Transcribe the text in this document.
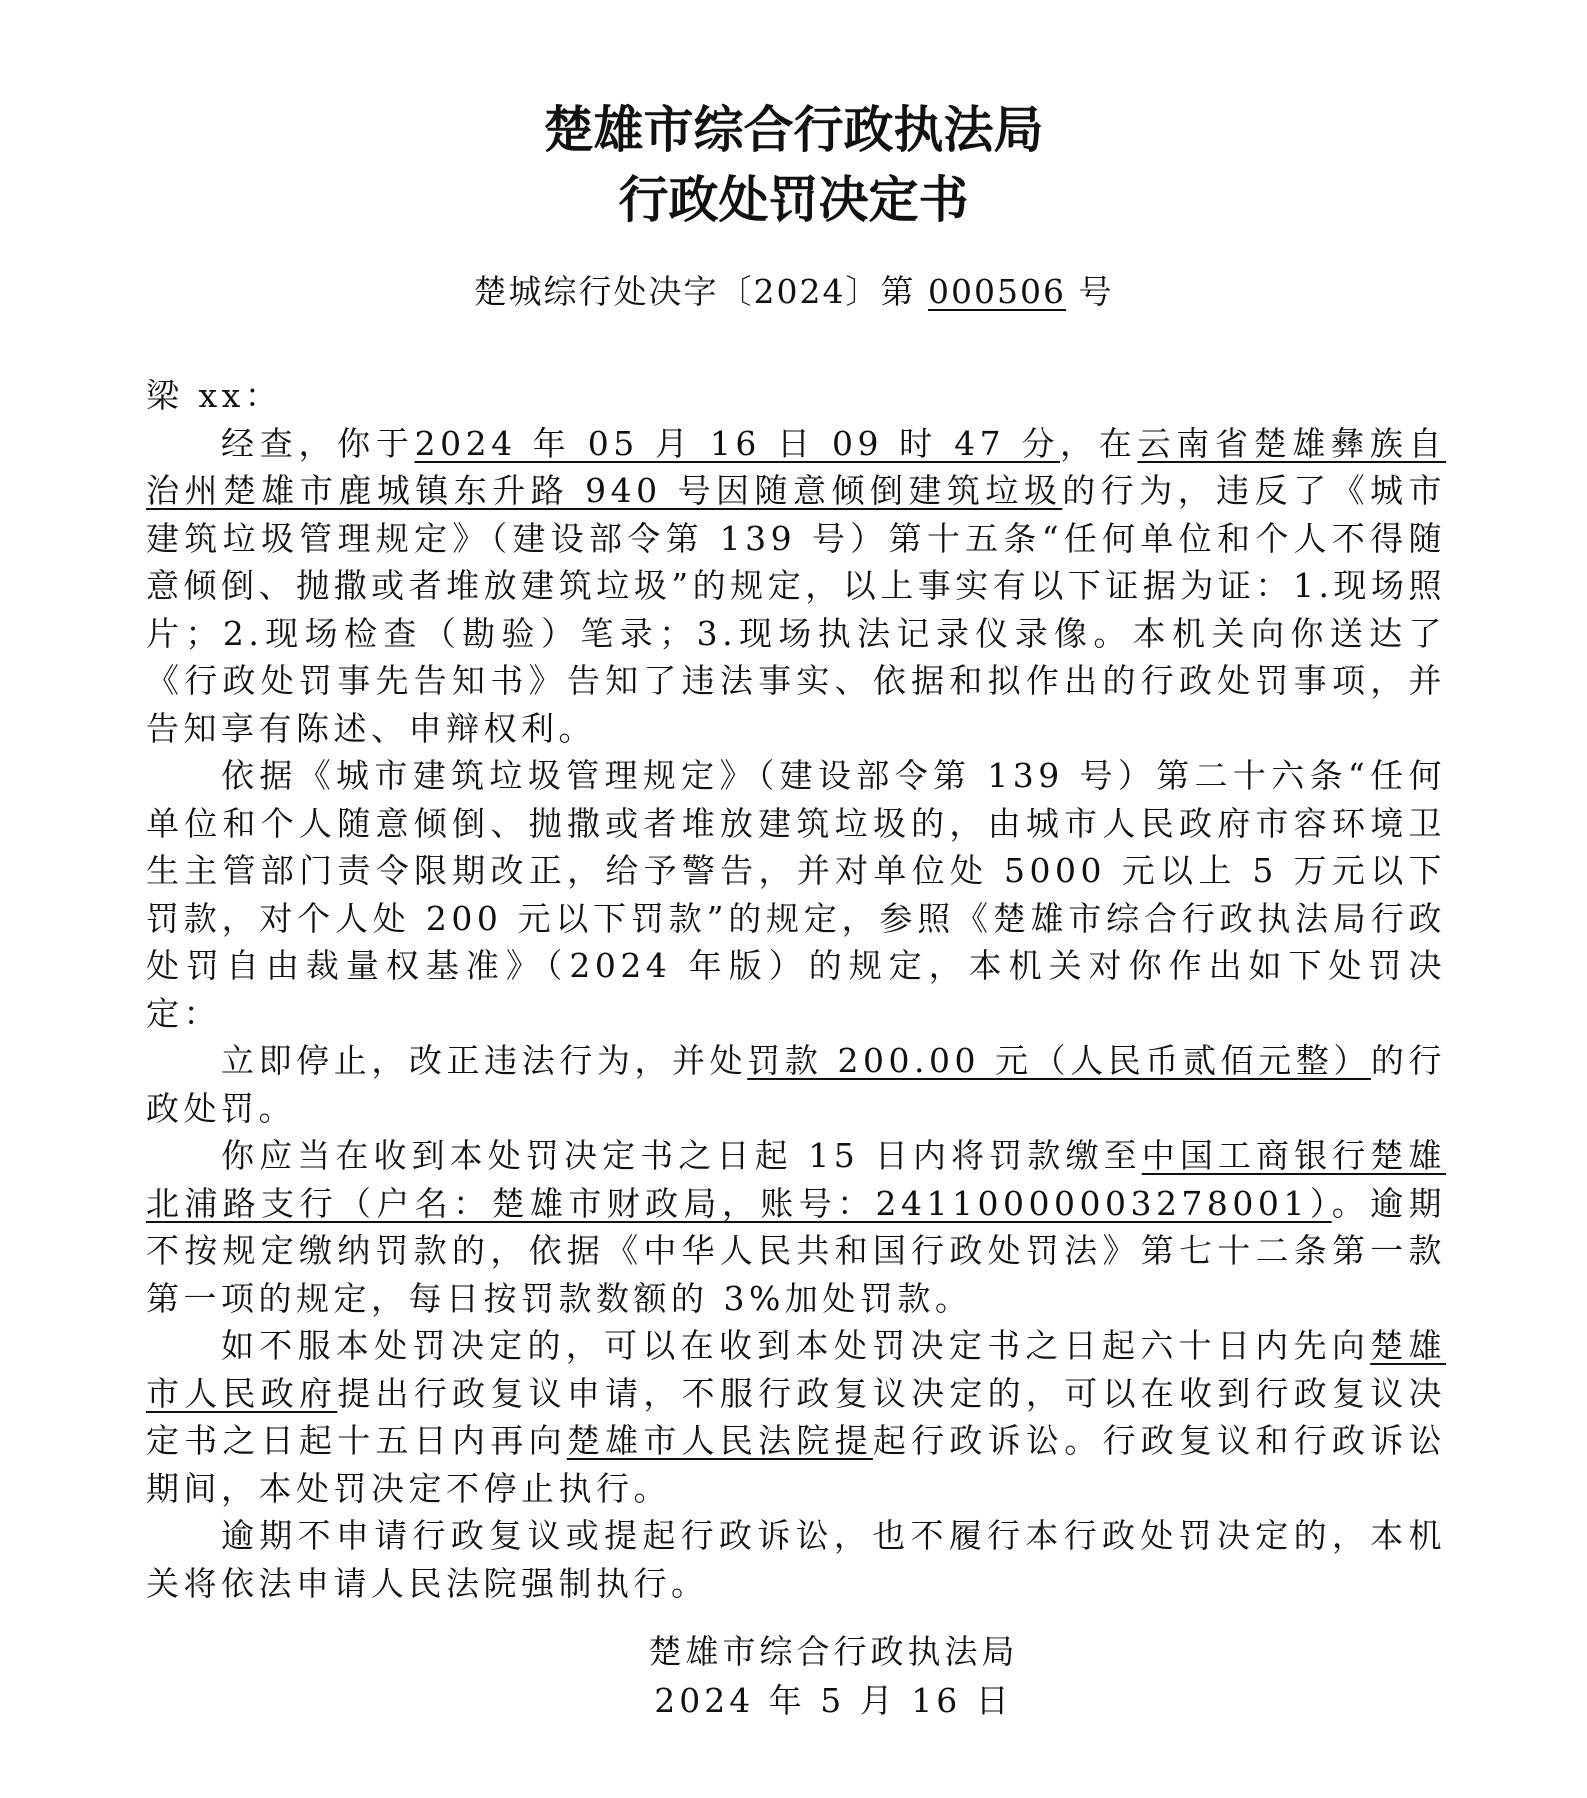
楚雄市综合行政执法局
行政处罚决定书
楚城综行处决字〔2024〕第 000506 号

梁 xx：

经查，你于2024 年 05 月 16 日 09 时 47 分，在云南省楚雄彝族自治州楚雄市鹿城镇东升路 940 号因随意倾倒建筑垃圾的行为，违反了《城市建筑垃圾管理规定》（建设部令第 139 号）第十五条“任何单位和个人不得随意倾倒、抛撒或者堆放建筑垃圾”的规定，以上事实有以下证据为证：1.现场照片；2.现场检查（勘验）笔录；3.现场执法记录仪录像。本机关向你送达了《行政处罚事先告知书》告知了违法事实、依据和拟作出的行政处罚事项，并告知享有陈述、申辩权利。

依据《城市建筑垃圾管理规定》（建设部令第 139 号）第二十六条“任何单位和个人随意倾倒、抛撒或者堆放建筑垃圾的，由城市人民政府市容环境卫生主管部门责令限期改正，给予警告，并对单位处 5000 元以上 5 万元以下罚款，对个人处 200 元以下罚款”的规定，参照《楚雄市综合行政执法局行政处罚自由裁量权基准》（2024 年版）的规定，本机关对你作出如下处罚决定：

立即停止，改正违法行为，并处罚款 200.00 元（人民币贰佰元整）的行政处罚。

你应当在收到本处罚决定书之日起 15 日内将罚款缴至中国工商银行楚雄北浦路支行（户名：楚雄市财政局，账号：24110000003278001）。逾期不按规定缴纳罚款的，依据《中华人民共和国行政处罚法》第七十二条第一款第一项的规定，每日按罚款数额的 3%加处罚款。

如不服本处罚决定的，可以在收到本处罚决定书之日起六十日内先向楚雄市人民政府提出行政复议申请，不服行政复议决定的，可以在收到行政复议决定书之日起十五日内再向楚雄市人民法院提起行政诉讼。行政复议和行政诉讼期间，本处罚决定不停止执行。

逾期不申请行政复议或提起行政诉讼，也不履行本行政处罚决定的，本机关将依法申请人民法院强制执行。

楚雄市综合行政执法局
2024 年 5 月 16 日
